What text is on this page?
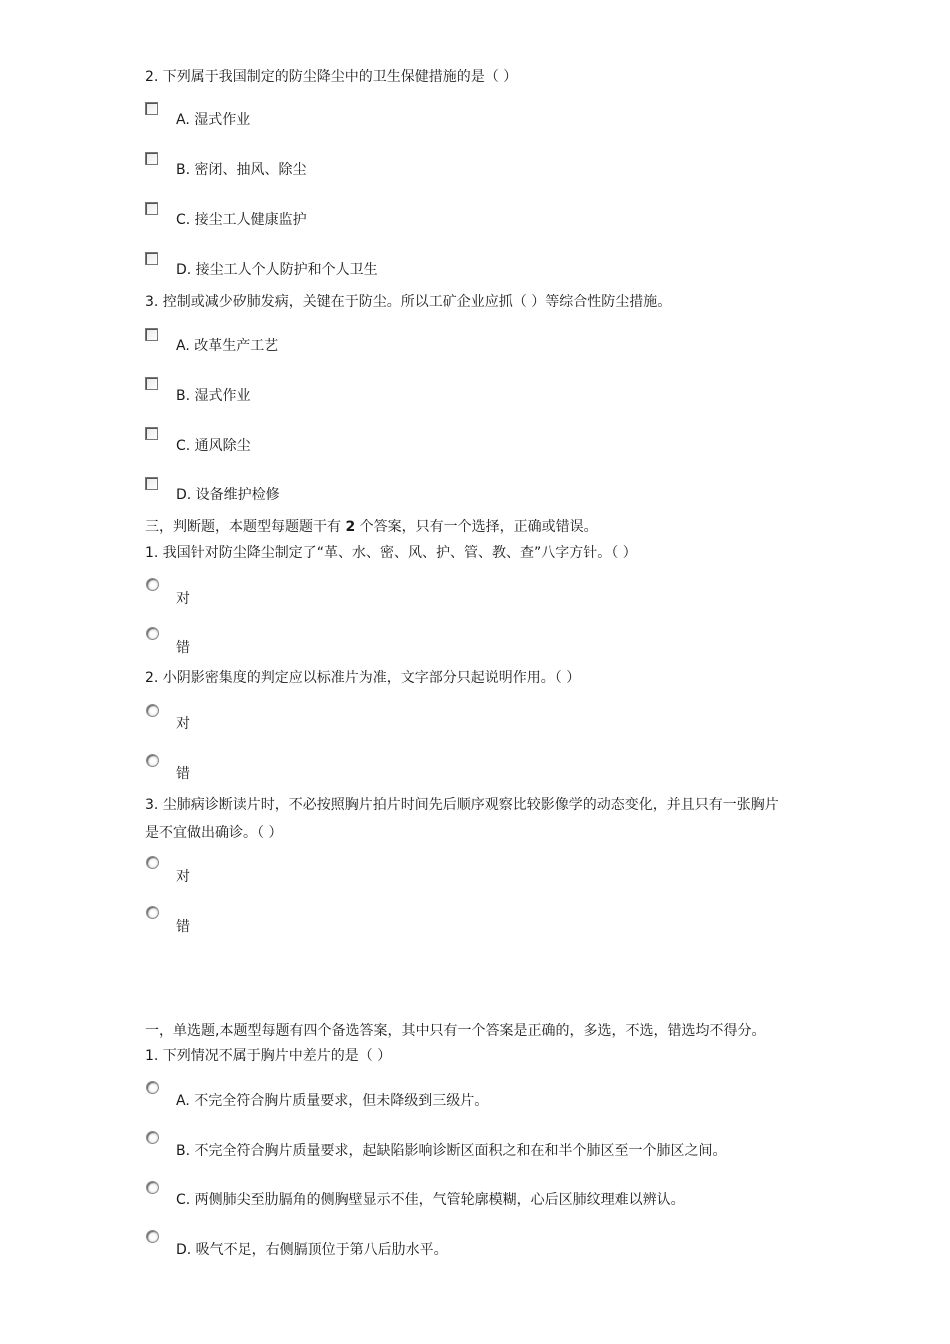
2. 下列属于我国制定的防尘降尘中的卫生保健措施的是（ ）
A. 湿式作业
B. 密闭、抽风、除尘
C. 接尘工人健康监护
D. 接尘工人个人防护和个人卫生
3. 控制或减少矽肺发病，关键在于防尘。所以工矿企业应抓（ ）等综合性防尘措施。
A. 改革生产工艺
B. 湿式作业
C. 通风除尘
D. 设备维护检修
三，判断题，本题型每题题干有 2 个答案，只有一个选择，正确或错误。
1. 我国针对防尘降尘制定了“革、水、密、风、护、管、教、查”八字方针。（ ）
对
错
2. 小阴影密集度的判定应以标准片为准，文字部分只起说明作用。（ ）
对
错
3. 尘肺病诊断读片时，不必按照胸片拍片时间先后顺序观察比较影像学的动态变化，并且只有一张胸片
是不宜做出确诊。（ ）
对
错
一，单选题,本题型每题有四个备选答案，其中只有一个答案是正确的，多选，不选，错选均不得分。
1. 下列情况不属于胸片中差片的是（ ）
A. 不完全符合胸片质量要求，但未降级到三级片。
B. 不完全符合胸片质量要求，起缺陷影响诊断区面积之和在和半个肺区至一个肺区之间。
C. 两侧肺尖至肋膈角的侧胸壁显示不佳，气管轮廓模糊，心后区肺纹理难以辨认。
D. 吸气不足，右侧膈顶位于第八后肋水平。
